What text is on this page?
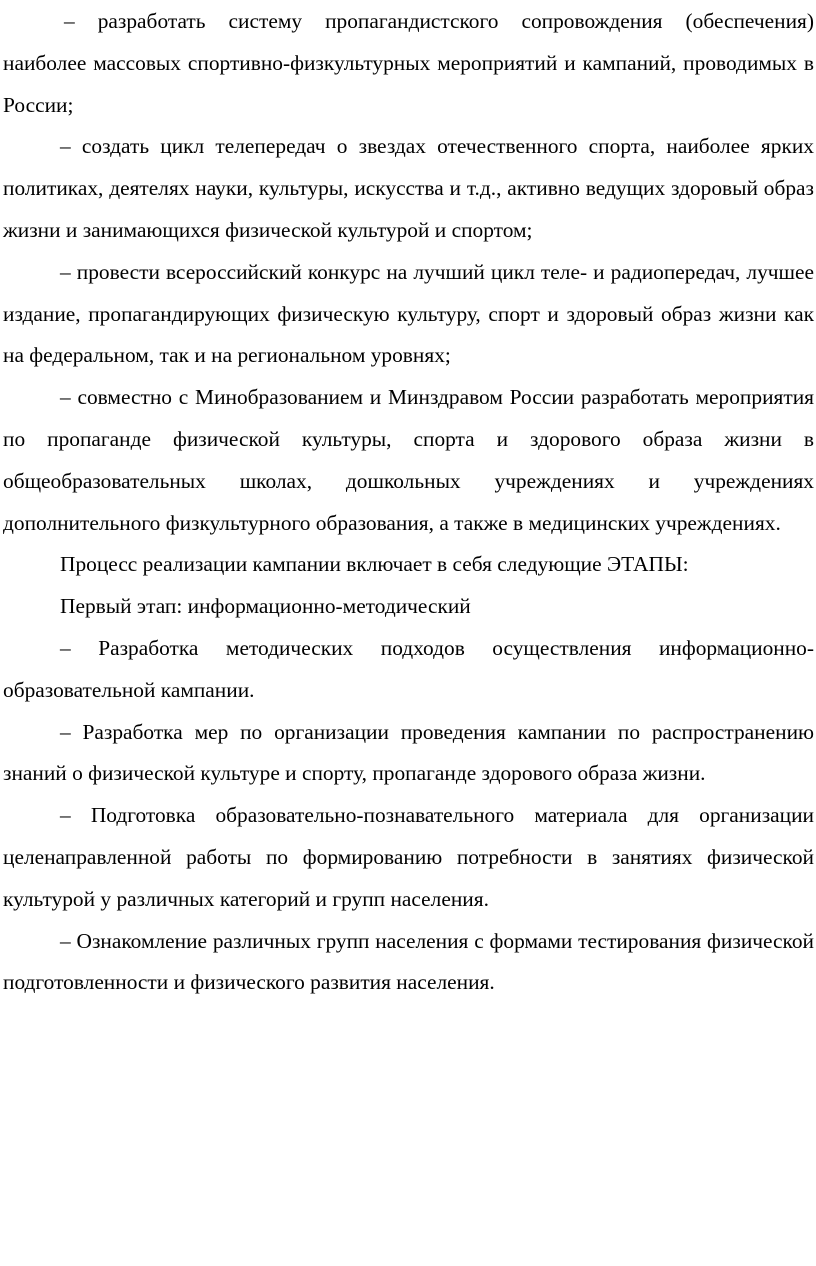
– разработать систему пропагандистского сопровождения (обеспечения) наиболее массовых спортивно-физкультурных мероприятий и кампаний, проводимых в России;

– создать цикл телепередач о звездах отечественного спорта, наиболее ярких политиках, деятелях науки, культуры, искусства и т.д., активно ведущих здоровый образ жизни и занимающихся физической культурой и спортом;

– провести всероссийский конкурс на лучший цикл теле- и радиопередач, лучшее издание, пропагандирующих физическую культуру, спорт и здоровый образ жизни как на федеральном, так и на региональном уровнях;

– совместно с Минобразованием и Минздравом России разработать мероприятия по пропаганде физической культуры, спорта и здорового образа жизни в общеобразовательных школах, дошкольных учреждениях и учреждениях дополнительного физкультурного образования, а также в медицинских учреждениях.

Процесс реализации кампании включает в себя следующие ЭТАПЫ:

Первый этап: информационно-методический

– Разработка методических подходов осуществления информационно-образовательной кампании.

– Разработка мер по организации проведения кампании по распространению знаний о физической культуре и спорту, пропаганде здорового образа жизни.

– Подготовка образовательно-познавательного материала для организации целенаправленной работы по формированию потребности в занятиях физической культурой у различных категорий и групп населения.

– Ознакомление различных групп населения с формами тестирования физической подготовленности и физического развития населения.
